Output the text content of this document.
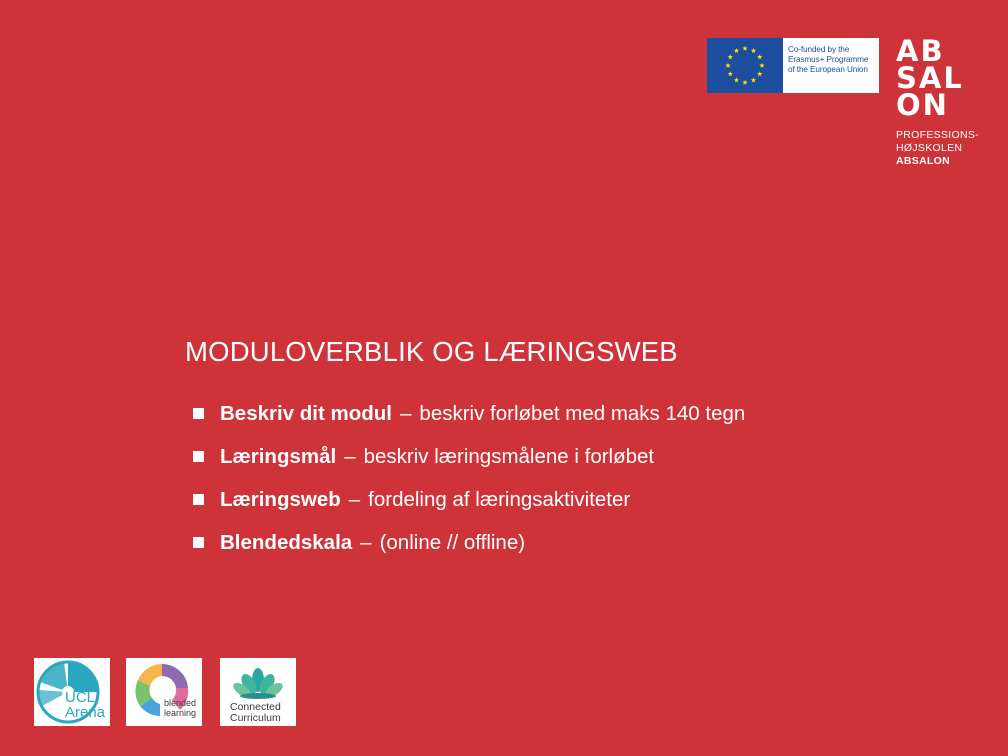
Co-funded by the
Erasmus+ Programme
of the European Union
AB
SAL
ON
PROFESSIONS-
HØJSKOLEN
ABSALON
MODULOVERBLIK OG LÆRINGSWEB
Beskriv dit modul – beskriv forløbet med maks 140 tegn
Læringsmål – beskriv læringsmålene i forløbet
Læringsweb – fordeling af læringsaktiviteter
Blendedskala – (online // offline)
UCL
Arena
blended
learning	Connected
Curriculum
